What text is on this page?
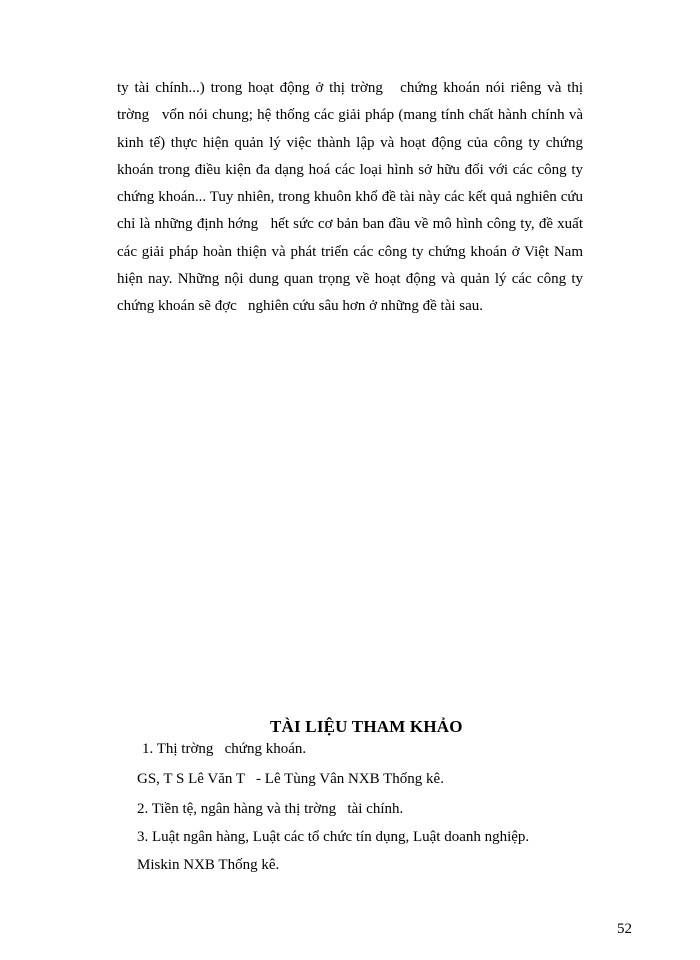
ty tài chính...) trong hoạt động ở thị trờng   chứng khoán nói riêng và thị
trờng   vốn nói chung; hệ thống các giải pháp (mang tính chất hành chính và
kinh tế) thực hiện quản lý việc thành lập và hoạt động của công ty chứng
khoán trong điều kiện đa dạng hoá các loại hình sở hữu đối với các công ty
chứng khoán... Tuy nhiên, trong khuôn khổ đề tài này các kết quả nghiên cứu
chỉ là những định hớng   hết sức cơ bản ban đầu về mô hình công ty, đề xuất
các giải pháp hoàn thiện và phát triển các công ty chứng khoán ở Việt Nam
hiện nay. Những nội dung quan trọng về hoạt động và quản lý các công ty
chứng khoán sẽ đợc   nghiên cứu sâu hơn ở những đề tài sau.
TÀI LIỆU THAM KHẢO

1. Thị trờng   chứng khoán.

GS, T S Lê Văn T   - Lê Tùng Vân NXB Thống kê.

2. Tiền tệ, ngân hàng và thị trờng   tài chính.

3. Luật ngân hàng, Luật các tổ chức tín dụng, Luật doanh nghiệp.

Miskin NXB Thống kê.

52
